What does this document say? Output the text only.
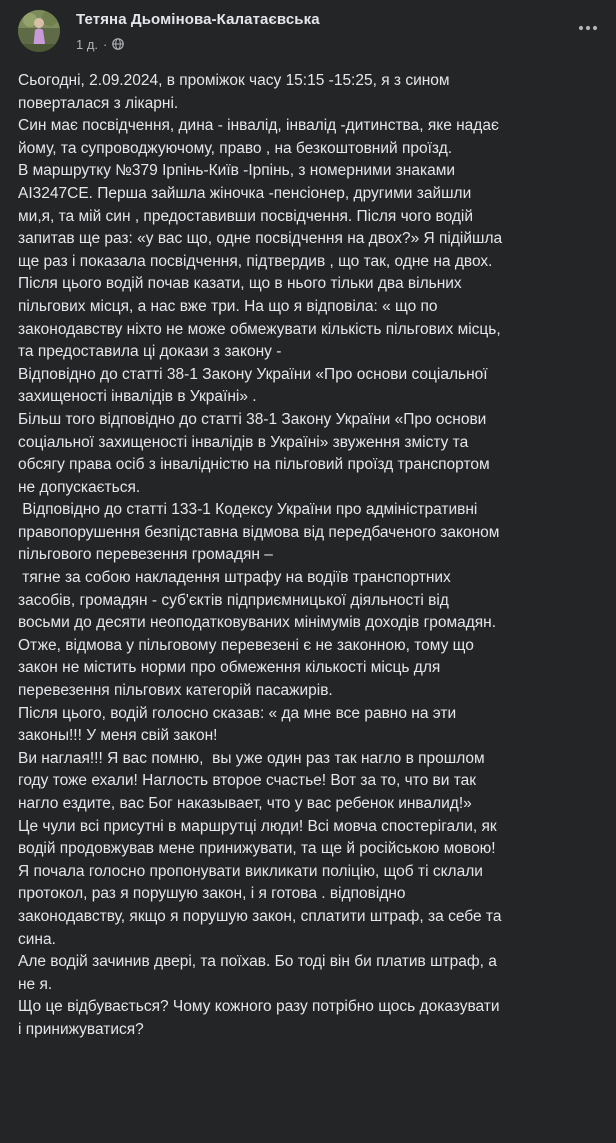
Тетяна Дьомінова-Калатаєвська
1 д. ·
Сьогодні, 2.09.2024, в проміжок часу 15:15 -15:25, я з сином
поверталася з лікарні.
Син має посвідчення, дина - інвалід, інвалід -дитинства, яке надає
йому, та супроводжуючому, право , на безкоштовний проїзд.
В маршрутку №379 Ірпінь-Київ -Ірпінь, з номерними знаками
АІ3247СЕ. Перша зайшла жіночка -пенсіонер, другими зайшли
ми,я, та мій син , предоставивши посвідчення. Після чого водій
запитав ще раз: «у вас що, одне посвідчення на двох?» Я підійшла
ще раз і показала посвідчення, підтвердив , що так, одне на двох.
Після цього водій почав казати, що в нього тільки два вільних
пільгових місця, а нас вже три. На що я відповіла: « що по
законодавству ніхто не може обмежувати кількість пільгових місць,
та предоставила ці докази з закону -
Відповідно до статті 38-1 Закону України «Про основи соціальної
захищеності інвалідів в Україні» .
Більш того відповідно до статті 38-1 Закону України «Про основи
соціальної захищеності інвалідів в Україні» звуження змісту та
обсягу права осіб з інвалідністю на пільговий проїзд транспортом
не допускається.
Відповідно до статті 133-1 Кодексу України про адміністративні
правопорушення безпідставна відмова від передбаченого законом
пільгового перевезення громадян –
тягне за собою накладення штрафу на водіїв транспортних
засобів, громадян - суб'єктів підприємницької діяльності від
восьми до десяти неоподатковуваних мінімумів доходів громадян.
Отже, відмова у пільговому перевезені є не законною, тому що
закон не містить норми про обмеження кількості місць для
перевезення пільгових категорій пасажирів.
Після цього, водій голосно сказав: « да мне все равно на эти
законы!!! У меня свій закон!
Ви наглая!!! Я вас помню,  вы уже один раз так нагло в прошлом
году тоже ехали! Наглость второе счастье! Вот за то, что ви так
нагло ездите, вас Бог наказывает, что у вас ребенок инвалид!»
Це чули всі присутні в маршрутці люди! Всі мовча спостерігали, як
водій продовжував мене принижувати, та ще й російською мовою!
Я почала голосно пропонувати викликати поліцію, щоб ті склали
протокол, раз я порушую закон, і я готова . відповідно
законодавству, якщо я порушую закон, сплатити штраф, за себе та
сина.
Але водій зачинив двері, та поїхав. Бо тоді він би платив штраф, а
не я.
Що це відбувається? Чому кожного разу потрібно щось доказувати
і принижуватися?
